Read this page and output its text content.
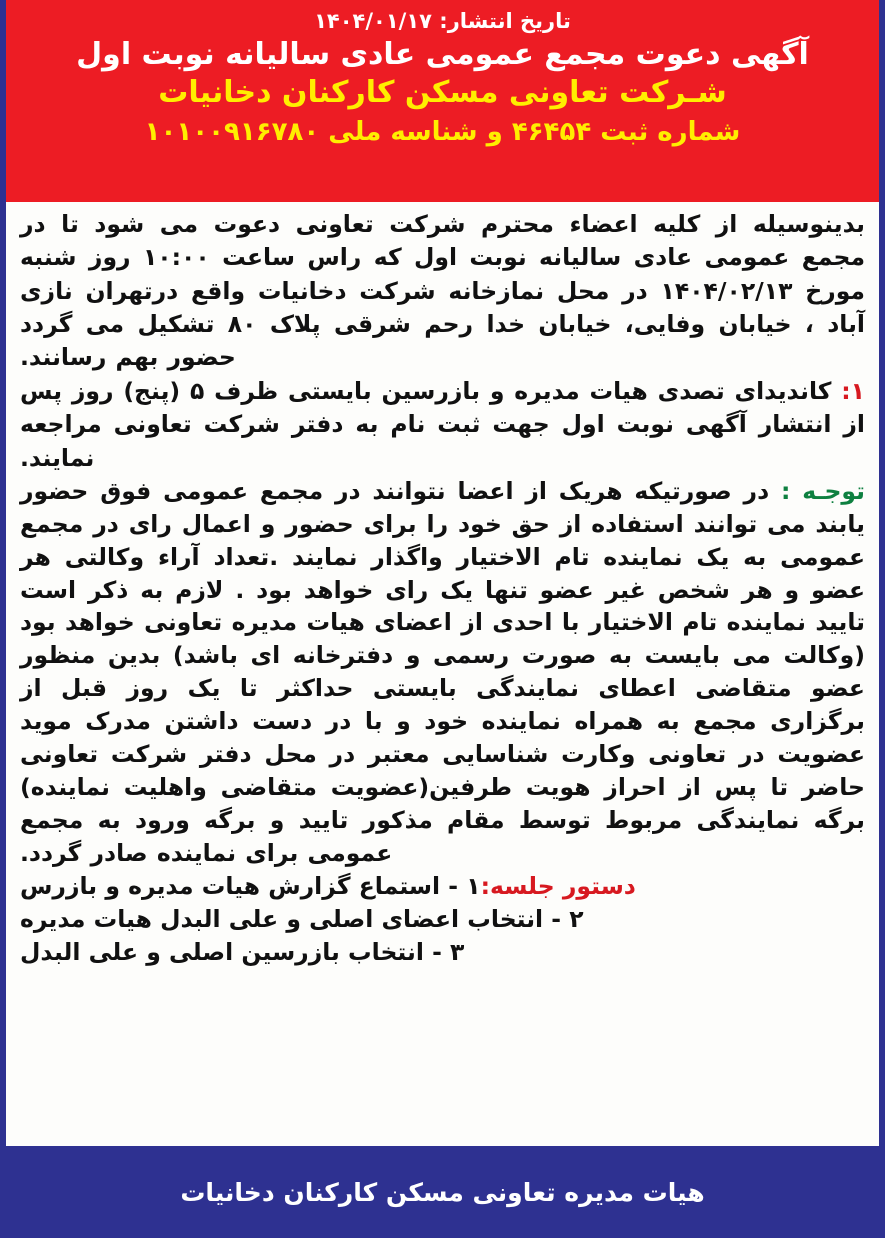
تاریخ انتشار: ۱۴۰۴/۰۱/۱۷
آگهی دعوت مجمع عمومی عادی سالیانه نوبت اول
شـرکت تعاونی مسکن کارکنان دخانیات
شماره ثبت ۴۶۴۵۴ و شناسه ملی ۱۰۱۰۰۹۱۶۷۸۰

بدینوسیله از کلیه اعضاء محترم شرکت تعاونی دعوت می شود تا در مجمع عمومی عادی سالیانه نوبت اول که راس ساعت ۱۰:۰۰ روز شنبه مورخ ۱۴۰۴/۰۲/۱۳ در محل نمازخانه شرکت دخانیات واقع درتهران نازی آباد ، خیابان وفایی، خیابان خدا رحم شرقی پلاک ۸۰ تشکیل می گردد حضور بهم رسانند.

۱: کاندیدای تصدی هیات مدیره و بازرسین بایستی ظرف ۵ (پنج) روز پس از انتشار آگهی نوبت اول جهت ثبت نام به دفتر شرکت تعاونی مراجعه نمایند.

توجـه : در صورتیکه هریک از اعضا نتوانند در مجمع عمومی فوق حضور یابند می توانند استفاده از حق خود را برای حضور و اعمال رای در مجمع عمومی به یک نماینده تام الاختیار واگذار نمایند .تعداد آراء وکالتی هر عضو و هر شخص غیر عضو تنها یک رای خواهد بود . لازم به ذکر است تایید نماینده تام الاختیار با احدی از اعضای هیات مدیره تعاونی خواهد بود (وکالت می بایست به صورت رسمی و دفترخانه ای باشد) بدین منظور عضو متقاضی اعطای نمایندگی بایستی حداکثر تا یک روز قبل از برگزاری مجمع به همراه نماینده خود و با در دست داشتن مدرک موید عضویت در تعاونی وکارت شناسایی معتبر در محل دفتر شرکت تعاونی حاضر تا پس از احراز هویت طرفین(عضویت متقاضی واهلیت نماینده) برگه نمایندگی مربوط توسط مقام مذکور تایید و برگه ورود به مجمع عمومی برای نماینده صادر گردد.

دستور جلسه:۱ - استماع گزارش هیات مدیره و بازرس

۲ - انتخاب اعضای اصلی و علی البدل هیات مدیره

۳ - انتخاب بازرسین اصلی و علی البدل

هیات مدیره تعاونی مسکن کارکنان دخانیات
